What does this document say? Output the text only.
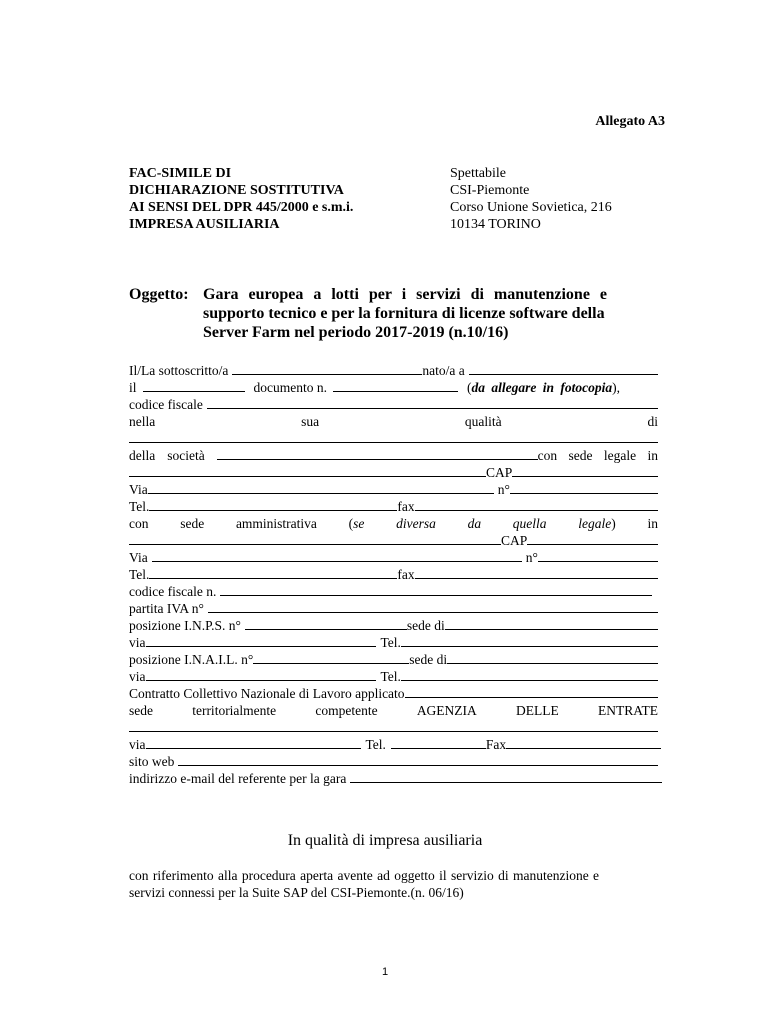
Allegato A3
FAC-SIMILE DI
DICHIARAZIONE SOSTITUTIVA
AI SENSI DEL DPR 445/2000 e s.m.i.
IMPRESA AUSILIARIA
Spettabile
CSI-Piemonte
Corso Unione Sovietica, 216
10134 TORINO
Oggetto: Gara europea a lotti per i servizi di manutenzione e
supporto tecnico e per la fornitura di licenze software della
Server Farm nel periodo 2017-2019 (n.10/16)
Il/La sottoscritto/a	nato/a a
il	documento n.	( da allegare in fotocopia ),
codice fiscale
nella	sua	qualità	di
della società	con sede legale in
CAP
Via	n°
Tel.	fax
con sede amministrativa (se diversa da quella legale) in
CAP
Via	n°
Tel.	fax
codice fiscale n.
partita IVA n°
posizione I.N.P.S. n°	sede di
via	Tel.
posizione I.N.A.I.L. n°	sede di
via	Tel.
Contratto Collettivo Nazionale di Lavoro applicato
sede	territorialmente	competente	AGENZIA	DELLE	ENTRATE
via	Tel.	Fax
sito web
indirizzo e-mail del referente per la gara
In qualità di impresa ausiliaria
con riferimento alla procedura aperta avente ad oggetto il servizio di manutenzione e
servizi connessi per la Suite SAP del CSI-Piemonte.(n. 06/16)
1
